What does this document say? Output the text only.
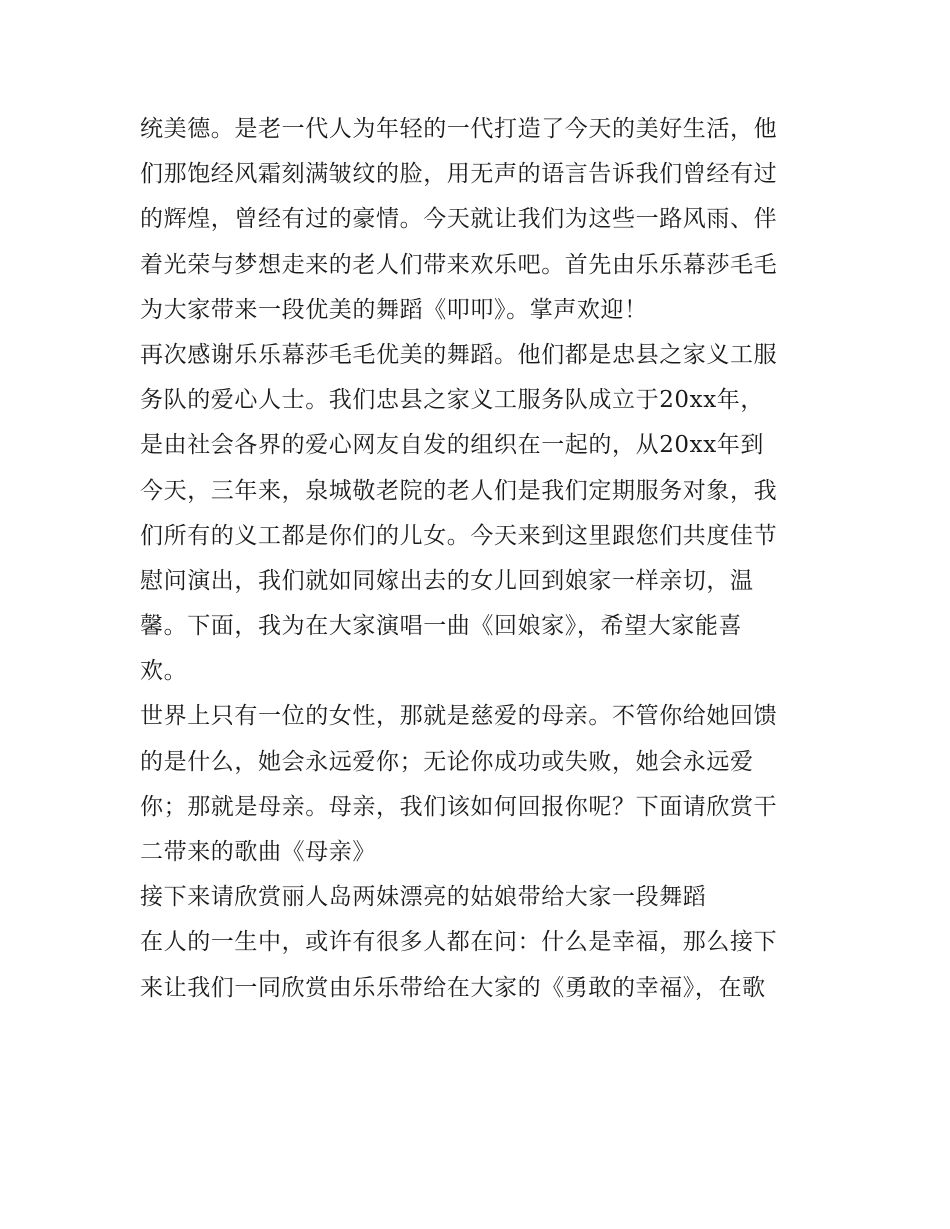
统美德。是老一代人为年轻的一代打造了今天的美好生活，他
们那饱经风霜刻满皱纹的脸，用无声的语言告诉我们曾经有过
的辉煌，曾经有过的豪情。今天就让我们为这些一路风雨、伴
着光荣与梦想走来的老人们带来欢乐吧。首先由乐乐幕莎毛毛
为大家带来一段优美的舞蹈《叩叩》。掌声欢迎！
再次感谢乐乐幕莎毛毛优美的舞蹈。他们都是忠县之家义工服
务队的爱心人士。我们忠县之家义工服务队成立于20xx年，
是由社会各界的爱心网友自发的组织在一起的，从20xx年到
今天，三年来，泉城敬老院的老人们是我们定期服务对象，我
们所有的义工都是你们的儿女。今天来到这里跟您们共度佳节
慰问演出，我们就如同嫁出去的女儿回到娘家一样亲切，温
馨。下面，我为在大家演唱一曲《回娘家》，希望大家能喜
欢。
世界上只有一位的女性，那就是慈爱的母亲。不管你给她回馈
的是什么，她会永远爱你；无论你成功或失败，她会永远爱
你；那就是母亲。母亲，我们该如何回报你呢？下面请欣赏干
二带来的歌曲《母亲》
接下来请欣赏丽人岛两妹漂亮的姑娘带给大家一段舞蹈
在人的一生中，或许有很多人都在问：什么是幸福，那么接下
来让我们一同欣赏由乐乐带给在大家的《勇敢的幸福》，在歌
